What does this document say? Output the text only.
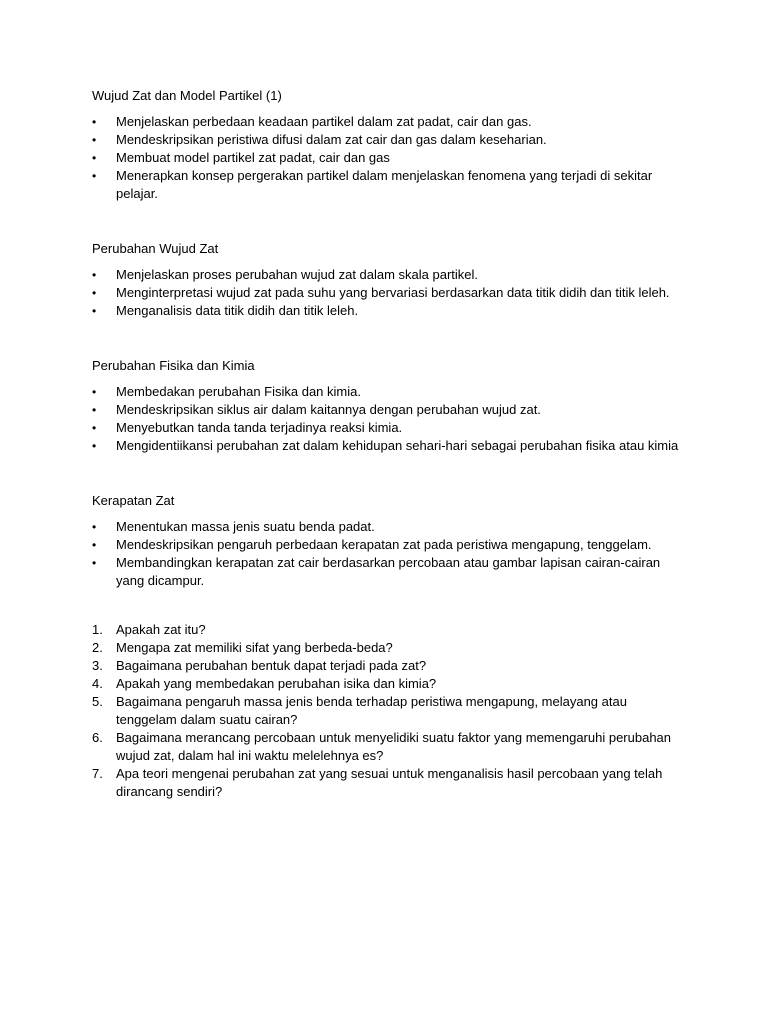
Wujud Zat dan Model Partikel (1)
•	Menjelaskan perbedaan keadaan partikel dalam zat padat, cair dan gas.
•	Mendeskripsikan peristiwa difusi dalam zat cair dan gas dalam keseharian.
•	Membuat model partikel zat padat, cair dan gas
•	Menerapkan konsep pergerakan partikel dalam menjelaskan fenomena yang terjadi di sekitar pelajar.
Perubahan Wujud Zat
•	Menjelaskan proses perubahan wujud zat dalam skala partikel.
•	Menginterpretasi wujud zat pada suhu yang bervariasi berdasarkan data titik didih dan titik leleh.
•	Menganalisis data titik didih dan titik leleh.
Perubahan Fisika dan Kimia
•	Membedakan perubahan Fisika dan kimia.
•	Mendeskripsikan siklus air dalam kaitannya dengan perubahan wujud zat.
•	Menyebutkan tanda tanda terjadinya reaksi kimia.
•	Mengidentiikansi perubahan zat dalam kehidupan sehari-hari sebagai perubahan fisika atau kimia
Kerapatan Zat
•	Menentukan massa jenis suatu benda padat.
•	Mendeskripsikan pengaruh perbedaan kerapatan zat pada peristiwa mengapung, tenggelam.
•	Membandingkan kerapatan zat cair berdasarkan percobaan atau gambar lapisan cairan-cairan yang dicampur.
1.	Apakah zat itu?
2.	Mengapa zat memiliki sifat yang berbeda-beda?
3.	Bagaimana perubahan bentuk dapat terjadi pada zat?
4.	Apakah yang membedakan perubahan isika dan kimia?
5.	Bagaimana pengaruh massa jenis benda terhadap peristiwa mengapung, melayang atau tenggelam dalam suatu cairan?
6.	Bagaimana merancang percobaan untuk menyelidiki suatu faktor yang memengaruhi perubahan wujud zat, dalam hal ini waktu melelehnya es?
7.	Apa teori mengenai perubahan zat yang sesuai untuk menganalisis hasil percobaan yang telah dirancang sendiri?
